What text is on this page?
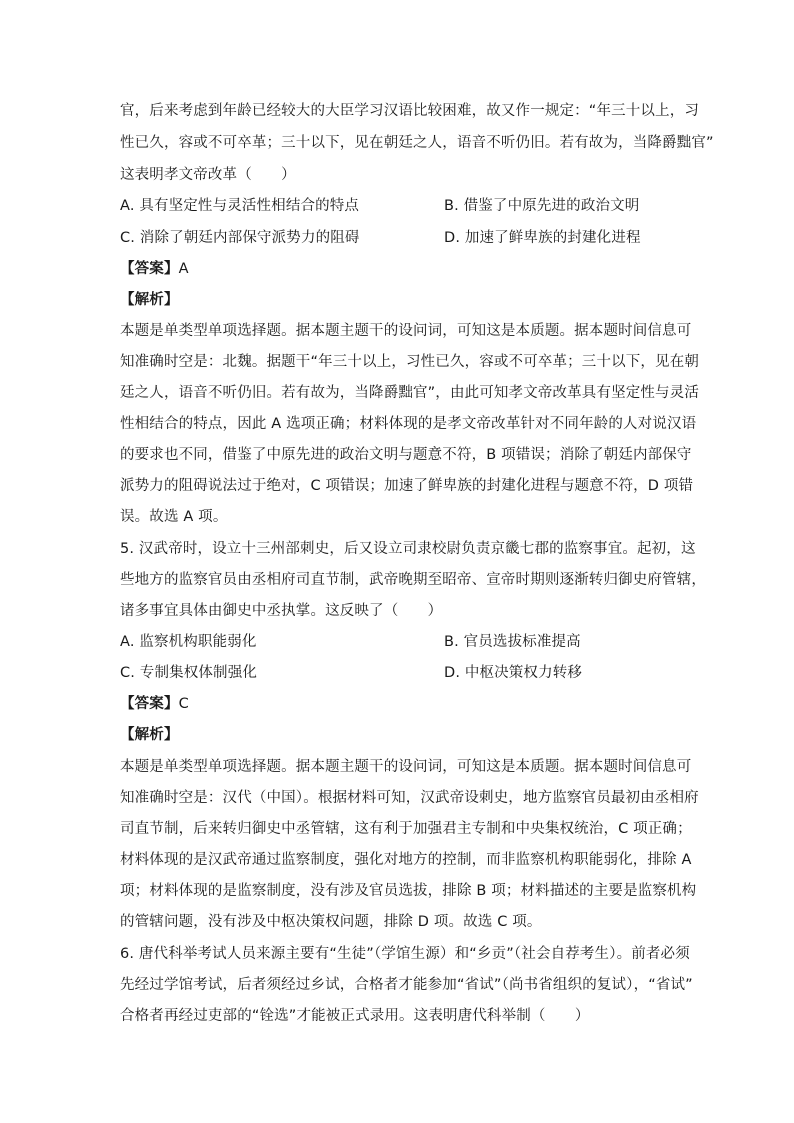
官，后来考虑到年龄已经较大的大臣学习汉语比较困难，故又作一规定：“年三十以上，习
性已久，容或不可卒革；三十以下，见在朝廷之人，语音不听仍旧。若有故为，当降爵黜官”
这表明孝文帝改革（　　）
A. 具有坚定性与灵活性相结合的特点	B. 借鉴了中原先进的政治文明
C. 消除了朝廷内部保守派势力的阻碍	D. 加速了鲜卑族的封建化进程
【答案】A
【解析】
本题是单类型单项选择题。据本题主题干的设问词，可知这是本质题。据本题时间信息可
知准确时空是：北魏。据题干“年三十以上，习性已久，容或不可卒革；三十以下，见在朝
廷之人，语音不听仍旧。若有故为，当降爵黜官”，由此可知孝文帝改革具有坚定性与灵活
性相结合的特点，因此 A 选项正确；材料体现的是孝文帝改革针对不同年龄的人对说汉语
的要求也不同，借鉴了中原先进的政治文明与题意不符，B 项错误；消除了朝廷内部保守
派势力的阻碍说法过于绝对，C 项错误；加速了鲜卑族的封建化进程与题意不符，D 项错
误。故选 A 项。
5. 汉武帝时，设立十三州部刺史，后又设立司隶校尉负责京畿七郡的监察事宜。起初，这
些地方的监察官员由丞相府司直节制，武帝晚期至昭帝、宣帝时期则逐渐转归御史府管辖，
诸多事宜具体由御史中丞执掌。这反映了（　　）
A. 监察机构职能弱化	B. 官员选拔标准提高
C. 专制集权体制强化	D. 中枢决策权力转移
【答案】C
【解析】
本题是单类型单项选择题。据本题主题干的设问词，可知这是本质题。据本题时间信息可
知准确时空是：汉代（中国）。根据材料可知，汉武帝设刺史，地方监察官员最初由丞相府
司直节制，后来转归御史中丞管辖，这有利于加强君主专制和中央集权统治，C 项正确；
材料体现的是汉武帝通过监察制度，强化对地方的控制，而非监察机构职能弱化，排除 A
项；材料体现的是监察制度，没有涉及官员选拔，排除 B 项；材料描述的主要是监察机构
的管辖问题，没有涉及中枢决策权问题，排除 D 项。故选 C 项。
6. 唐代科举考试人员来源主要有“生徒”（学馆生源）和“乡贡”（社会自荐考生）。前者必须
先经过学馆考试，后者须经过乡试，合格者才能参加“省试”（尚书省组织的复试），“省试”
合格者再经过吏部的“铨选”才能被正式录用。这表明唐代科举制（　　）
